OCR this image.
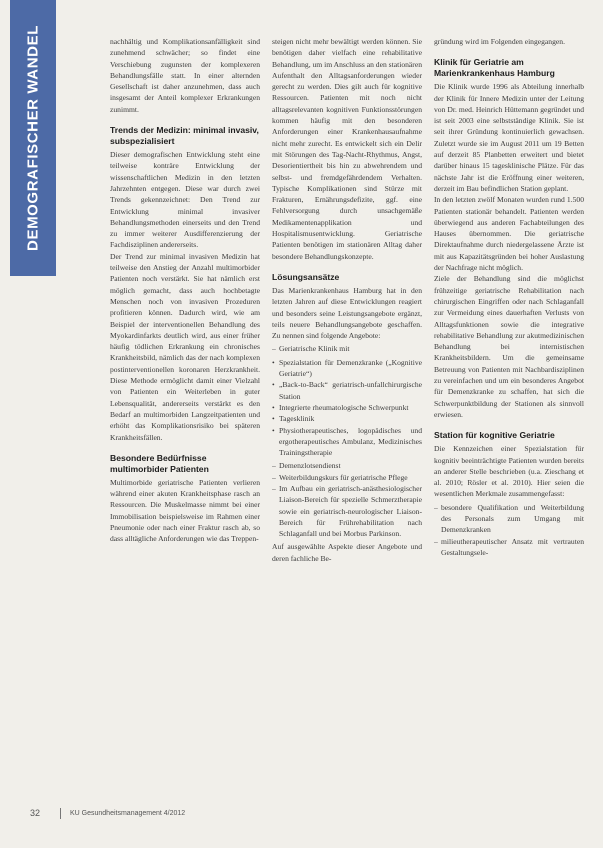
DEMOGRAFISCHER WANDEL	nachhältig und Komplikationsanfälligkeit sind zunehmend schwächer; so findet eine Verschiebung zugunsten der komplexeren Behandlungsfälle statt. In einer alternden Gesellschaft ist daher anzunehmen, dass auch insgesamt der Anteil komplexer Erkrankungen zunimmt.

Trends der Medizin: minimal invasiv, subspezialisiert

Dieser demografischen Entwicklung steht eine teilweise konträre Entwicklung der wissenschaftlichen Medizin in den letzten Jahrzehnten entgegen. Diese war durch zwei Trends gekennzeichnet: Den Trend zur Entwicklung minimal invasiver Behandlungsmethoden einerseits und den Trend zu immer weiterer Ausdifferenzierung der Fachdisziplinen andererseits.

Der Trend zur minimal invasiven Medizin hat teilweise den Anstieg der Anzahl multimorbider Patienten noch verstärkt. Sie hat nämlich erst möglich gemacht, dass auch hochbetagte Menschen noch von invasiven Prozeduren profitieren können. Dadurch wird, wie am Beispiel der interventionellen Behandlung des Myokardinfarkts deutlich wird, aus einer früher häufig tödlichen Erkrankung ein chronisches Krankheitsbild, nämlich das der nach komplexen postinterventionellen koronaren Herzkrankheit. Diese Methode ermöglicht damit einer Vielzahl von Patienten ein Weiterleben in guter Lebensqualität, andererseits verstärkt es den Bedarf an multimorbiden Langzeitpatienten und erhöht das Komplikationsrisiko bei späteren Krankheitsfällen.

Besondere Bedürfnisse multimorbider Patienten

Multimorbide geriatrische Patienten verlieren während einer akuten Krankheitsphase rasch an Ressourcen. Die Muskelmasse nimmt bei einer Immobilisation beispielsweise im Rahmen einer Pneumonie oder nach einer Fraktur rasch ab, so dass alltägliche Anforderungen wie das Treppen-

steigen nicht mehr bewältigt werden können. Sie benötigen daher vielfach eine rehabilitative Behandlung, um im Anschluss an den stationären Aufenthalt den Alltagsanforderungen wieder gerecht zu werden. Dies gilt auch für kognitive Ressourcen. Patienten mit noch nicht alltagsrelevanten kognitiven Funktionsstörungen kommen häufig mit den besonderen Anforderungen einer Krankenhausaufnahme nicht mehr zurecht. Es entwickelt sich ein Delir mit Störungen des Tag-Nacht-Rhythmus, Angst, Desorientiertheit bis hin zu abwehrendem und selbst- und fremdgefährdendem Verhalten. Typische Komplikationen sind Stürze mit Frakturen, Ernährungsdefizite, ggf. eine Fehlversorgung durch unsachgemäße Medikamentenapplikation und Hospitalismusentwicklung. Geriatrische Patienten benötigen im stationären Alltag daher besondere Behandlungskonzepte.

Lösungsansätze

Das Marienkrankenhaus Hamburg hat in den letzten Jahren auf diese Entwicklungen reagiert und besonders seine Leistungsangebote ergänzt, teils neuere Behandlungsangebote geschaffen. Zu nennen sind folgende Angebote:

– Geriatrische Klinik mit
• Spezialstation für Demenzkranke („Kognitive Geriatrie“)
• „Back-to-Back“ geriatrisch-unfallchirurgische Station
• Integrierte rheumatologische Schwerpunkt
• Tagesklinik
• Physiotherapeutisches, logopädisches und ergotherapeutisches Ambulanz, Medizinisches Trainingstherapie
– Demenzlotsendienst
– Weiterbildungskurs für geriatrische Pflege
– Im Aufbau ein geriatrisch-anästhesiologischer Liaison-Bereich für spezielle Schmerztherapie sowie ein geriatrisch-neurologischer Liaison-Bereich für Frührehabilitation nach Schlaganfall und bei Morbus Parkinson.

Auf ausgewählte Aspekte dieser Angebote und deren fachliche Be-

gründung wird im Folgenden eingegangen.

Klinik für Geriatrie am Marienkrankenhaus Hamburg

Die Klinik wurde 1996 als Abteilung innerhalb der Klinik für Innere Medizin unter der Leitung von Dr. med. Heinrich Hüttemann gegründet und ist seit 2003 eine selbstständige Klinik. Sie ist seit ihrer Gründung kontinuierlich gewachsen. Zuletzt wurde sie im August 2011 um 19 Betten auf derzeit 85 Planbetten erweitert und bietet darüber hinaus 15 tagesklinische Plätze. Für das nächste Jahr ist die Eröffnung einer weiteren, derzeit im Bau befindlichen Station geplant.

In den letzten zwölf Monaten wurden rund 1.500 Patienten stationär behandelt. Patienten werden überwiegend aus anderen Fachabteilungen des Hauses übernommen. Die geriatrische Direktaufnahme durch niedergelassene Ärzte ist mit aus Kapazitätsgründen bei hoher Auslastung der Nachfrage nicht möglich.

Ziele der Behandlung sind die möglichst frühzeitige geriatrische Rehabilitation nach chirurgischen Eingriffen oder nach Schlaganfall zur Vermeidung eines dauerhaften Verlusts von Alltagsfunktionen sowie die integrative rehabilitative Behandlung zur akutmedizinischen Behandlung bei internistischen Krankheitsbildern. Um die gemeinsame Betreuung von Patienten mit Nachbardisziplinen zu vereinfachen und um ein besonderes Angebot für Demenzkranke zu schaffen, hat sich die Schwerpunktbildung der Stationen als sinnvoll erwiesen.

Station für kognitive Geriatrie

Die Kennzeichen einer Spezialstation für kognitiv beeinträchtigte Patienten wurden bereits an anderer Stelle beschrieben (u.a. Zieschang et al. 2010; Rösler et al. 2010). Hier seien die wesentlichen Merkmale zusammengefasst:

– besondere Qualifikation und Weiterbildung des Personals zum Umgang mit Demenzkranken
– milieutherapeutischer Ansatz mit vertrauten Gestaltungsele-
32	KU Gesundheitsmanagement 4/2012
